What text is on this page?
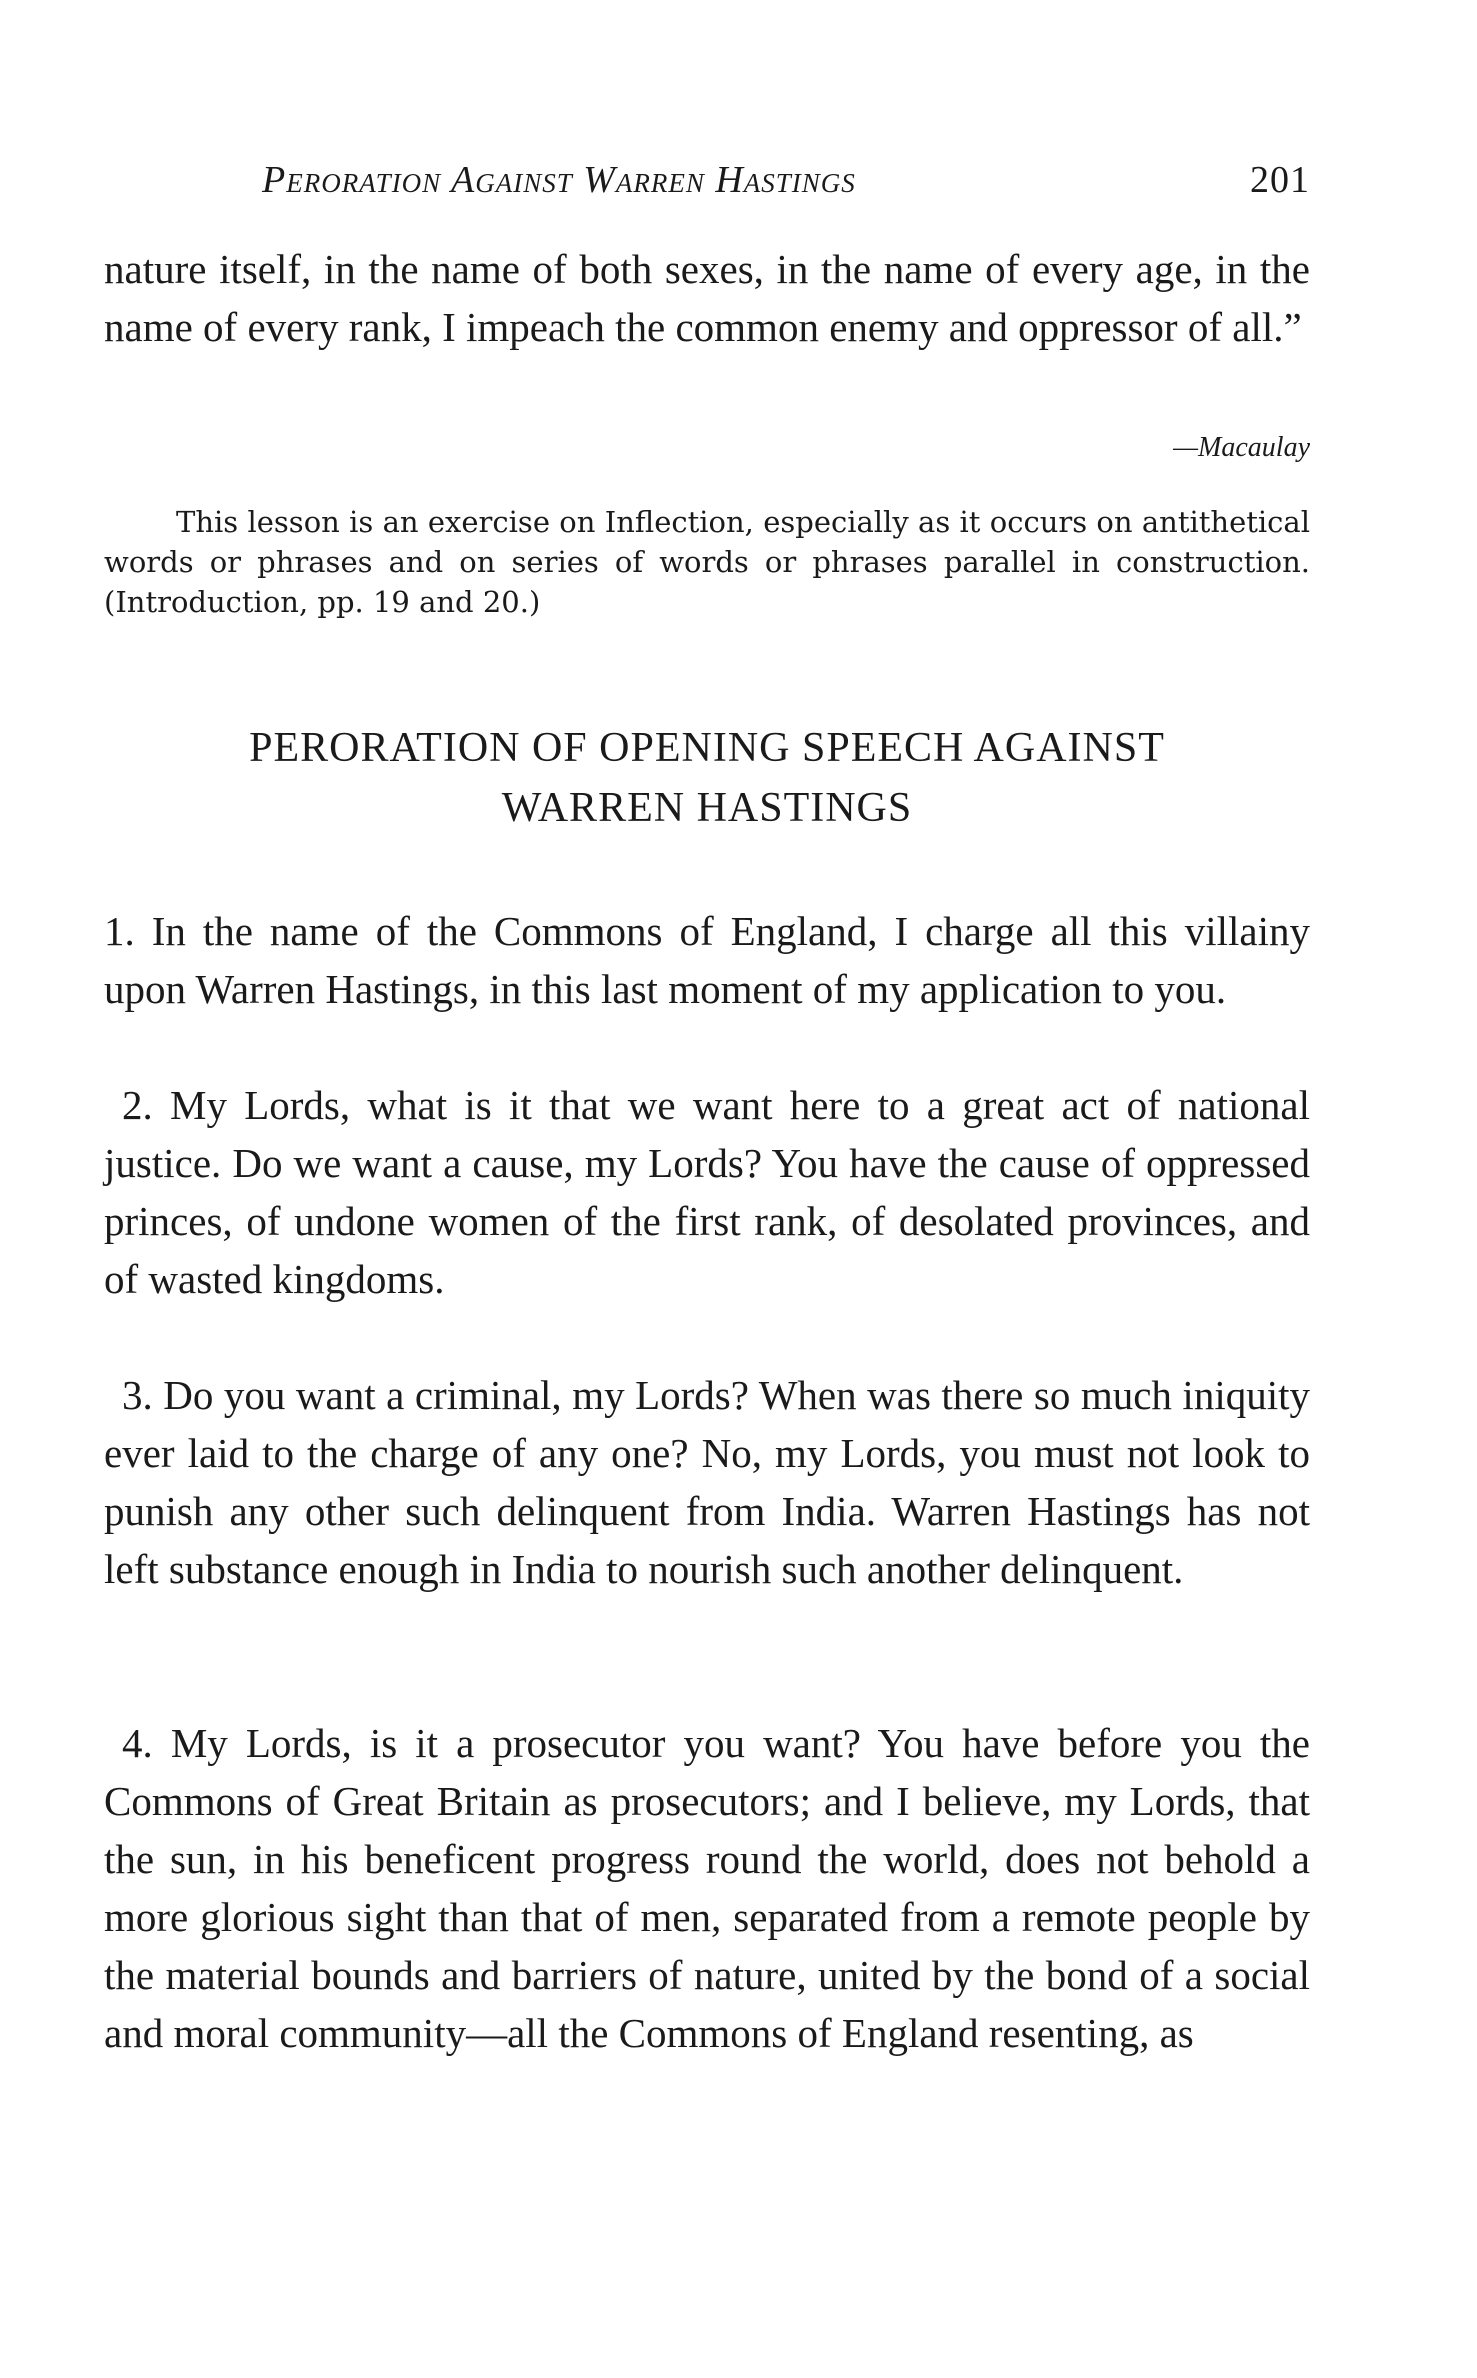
Peroration Against Warren Hastings	201
nature itself, in the name of both sexes, in the name of every age, in the name of every rank, I impeach the common enemy and oppressor of all.”
—Macaulay
This lesson is an exercise on Inflection, especially as it occurs on antithetical words or phrases and on series of words or phrases parallel in construction. (Introduction, pp. 19 and 20.)
PERORATION OF OPENING SPEECH AGAINST
WARREN HASTINGS
1. In the name of the Commons of England, I charge all this villainy upon Warren Hastings, in this last moment of my application to you.
2. My Lords, what is it that we want here to a great act of national justice. Do we want a cause, my Lords? You have the cause of oppressed princes, of undone women of the first rank, of desolated provinces, and of wasted kingdoms.
3. Do you want a criminal, my Lords? When was there so much iniquity ever laid to the charge of any one? No, my Lords, you must not look to punish any other such delinquent from India. Warren Hastings has not left substance enough in India to nourish such another delinquent.
4. My Lords, is it a prosecutor you want? You have before you the Commons of Great Britain as prosecutors; and I believe, my Lords, that the sun, in his beneficent progress round the world, does not behold a more glorious sight than that of men, separated from a remote people by the material bounds and barriers of nature, united by the bond of a social and moral community—all the Commons of England resenting, as
